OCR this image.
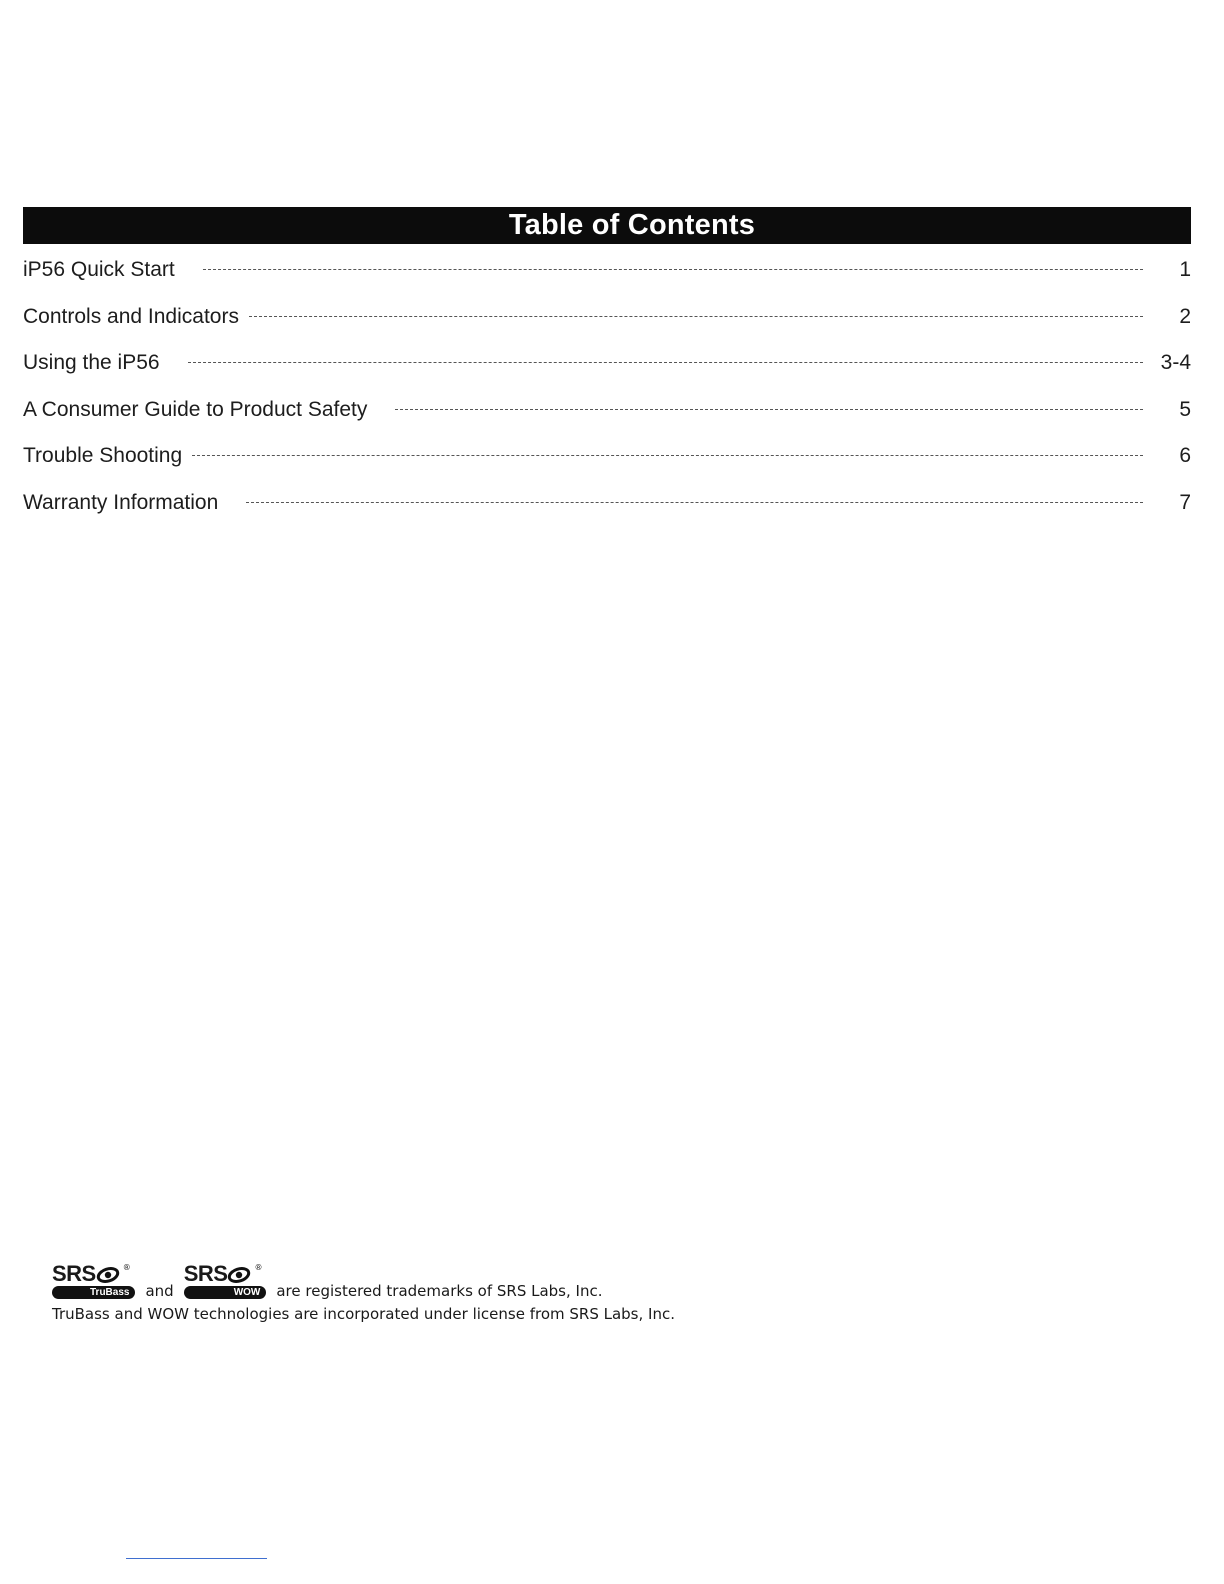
Table of Contents
iP56 Quick Start	1
Controls and Indicators	2
Using the iP56	3-4
A Consumer Guide to Product Safety	5
Trouble Shooting	6
Warranty Information	7
SRS	®
TruBass	and
SRS	®
WOW	are registered trademarks of SRS Labs, Inc.
TruBass and WOW technologies are incorporated under license from SRS Labs, Inc.
